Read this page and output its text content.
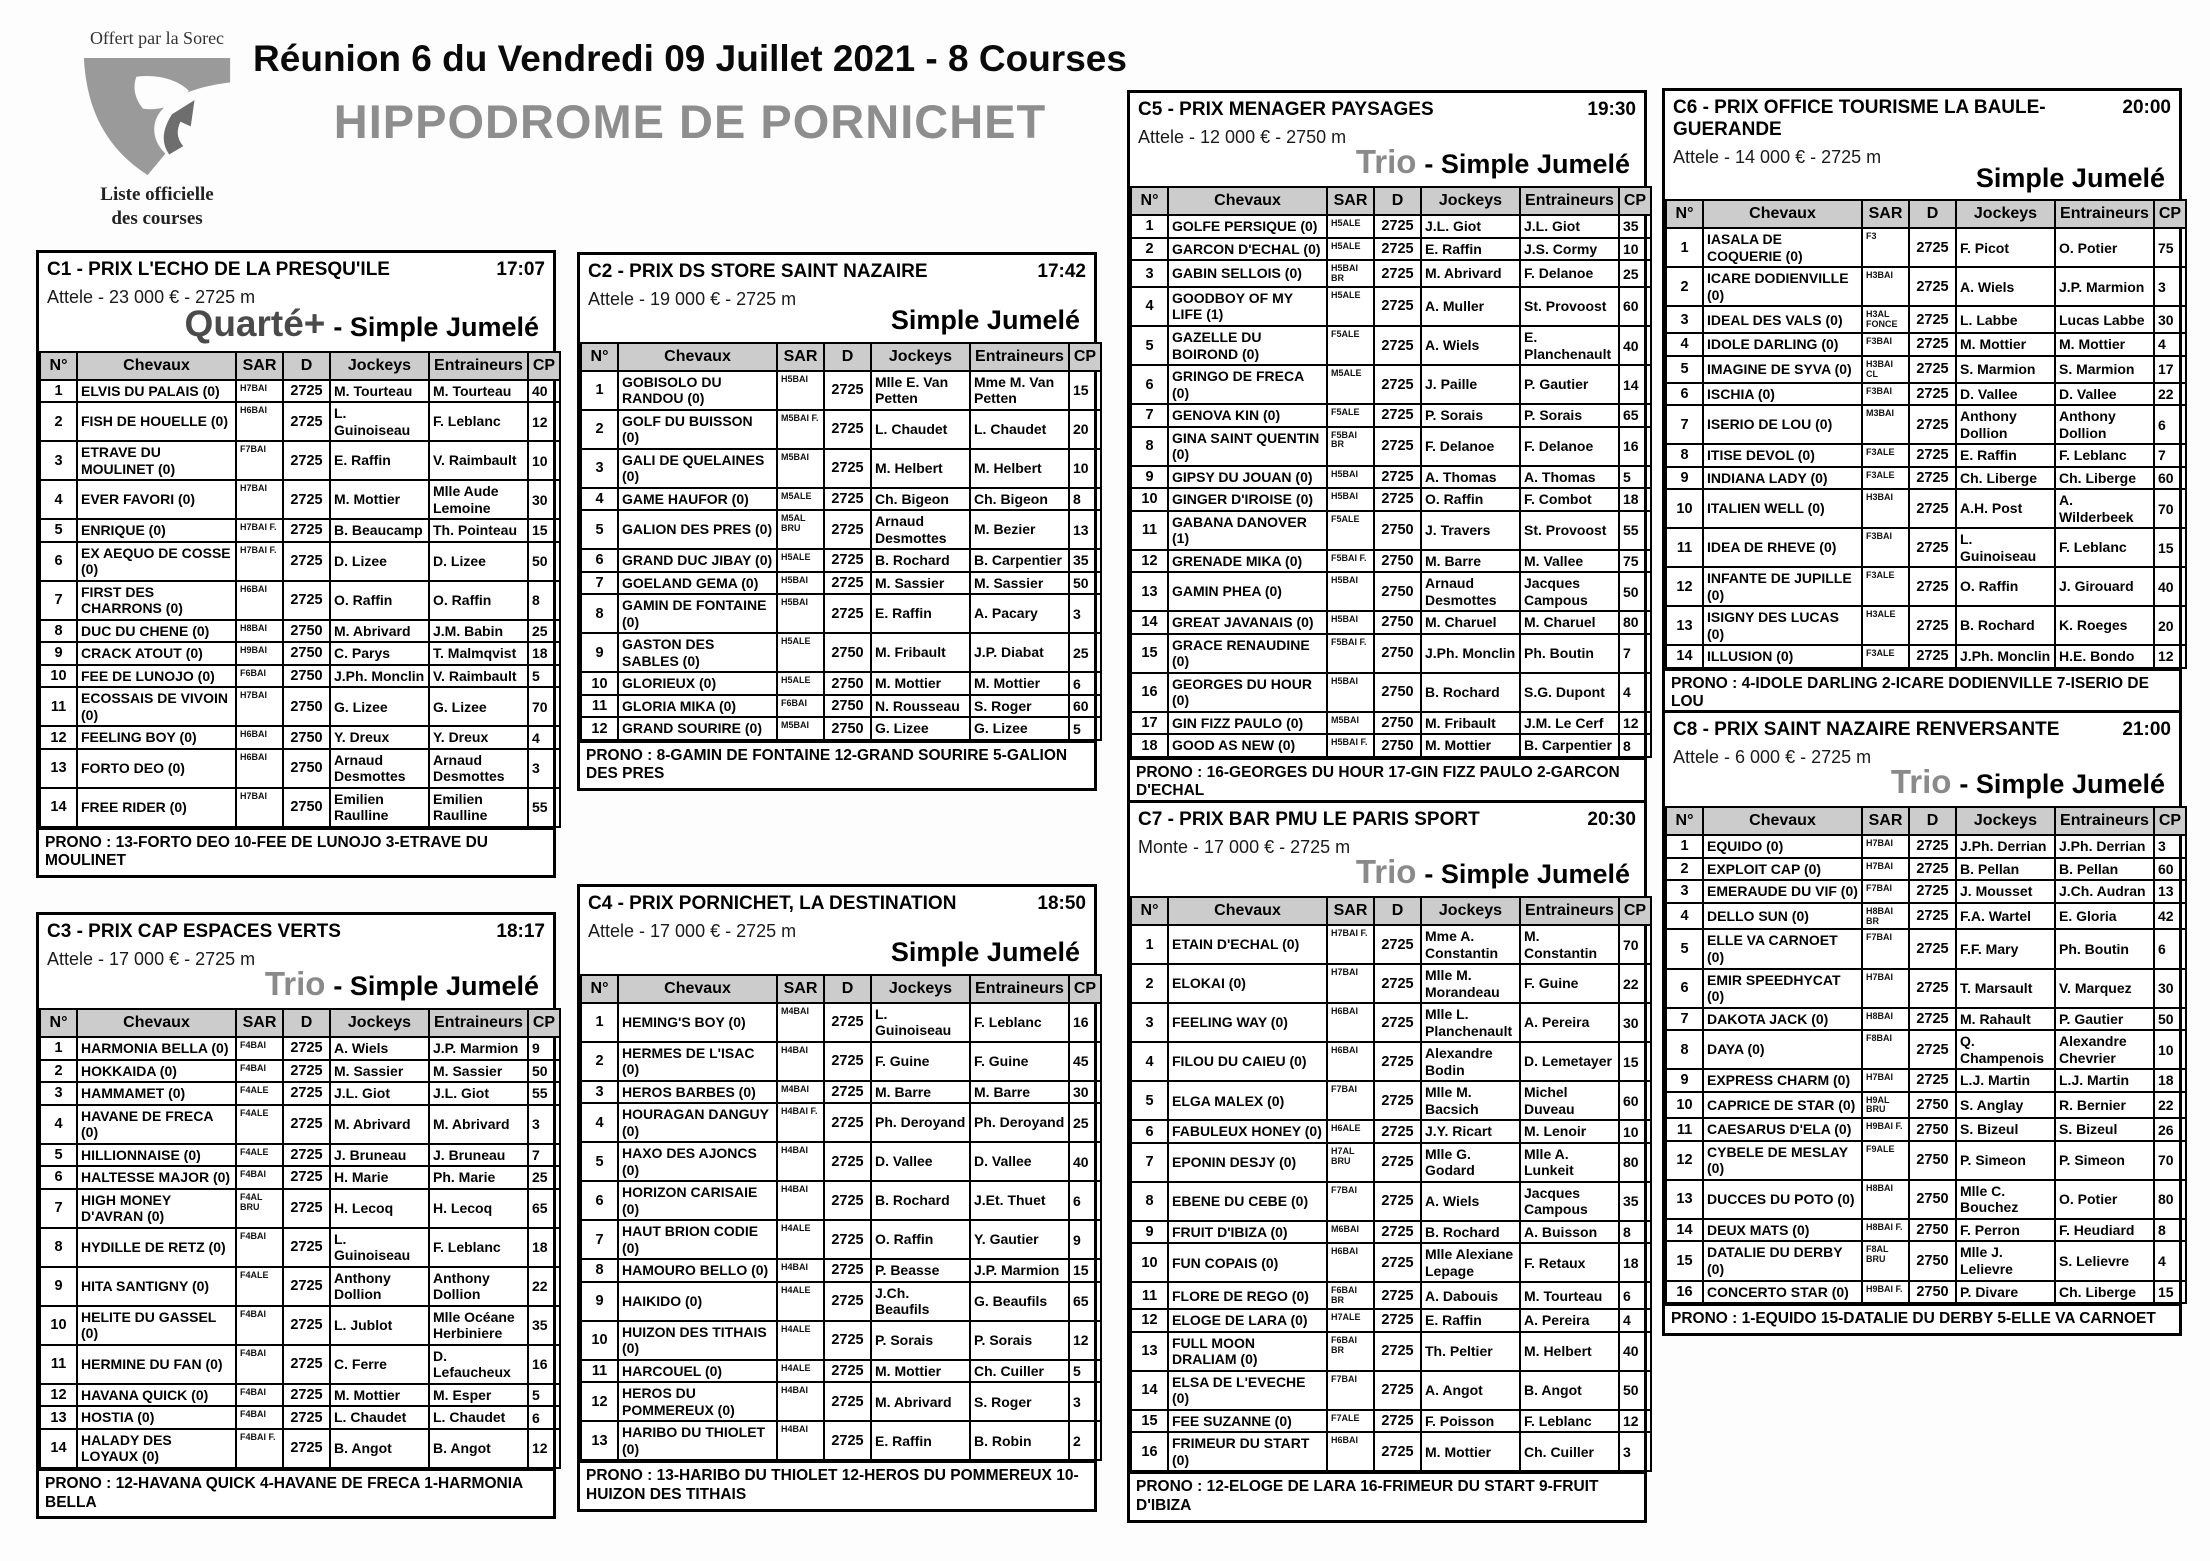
Offert par la Sorec
Liste officielle
des courses
Réunion 6 du Vendredi 09 Juillet 2021 - 8 Courses
HIPPODROME DE PORNICHET
C1 - PRIX L'ECHO DE LA PRESQU'ILE	17:07
Attele - 23 000 € - 2725 m
Quarté+ - Simple Jumelé
N°	Chevaux	SAR	D	Jockeys	Entraineurs	CP
1	ELVIS DU PALAIS (0)	H7BAI	2725	M. Tourteau	M. Tourteau	40
2	FISH DE HOUELLE (0)	H6BAI	2725	L. Guinoiseau	F. Leblanc	12
3	ETRAVE DU MOULINET (0)	F7BAI	2725	E. Raffin	V. Raimbault	10
4	EVER FAVORI (0)	H7BAI	2725	M. Mottier	Mlle Aude Lemoine	30
5	ENRIQUE (0)	H7BAI F.	2725	B. Beaucamp	Th. Pointeau	15
6	EX AEQUO DE COSSE (0)	H7BAI F.	2725	D. Lizee	D. Lizee	50
7	FIRST DES CHARRONS (0)	H6BAI	2725	O. Raffin	O. Raffin	8
8	DUC DU CHENE (0)	H8BAI	2750	M. Abrivard	J.M. Babin	25
9	CRACK ATOUT (0)	H9BAI	2750	C. Parys	T. Malmqvist	18
10	FEE DE LUNOJO (0)	F6BAI	2750	J.Ph. Monclin	V. Raimbault	5
11	ECOSSAIS DE VIVOIN (0)	H7BAI	2750	G. Lizee	G. Lizee	70
12	FEELING BOY (0)	H6BAI	2750	Y. Dreux	Y. Dreux	4
13	FORTO DEO (0)	H6BAI	2750	Arnaud Desmottes	Arnaud Desmottes	3
14	FREE RIDER (0)	H7BAI	2750	Emilien Raulline	Emilien Raulline	55
PRONO : 13-FORTO DEO 10-FEE DE LUNOJO 3-ETRAVE DU MOULINET
C2 - PRIX DS STORE SAINT NAZAIRE	17:42
Attele - 19 000 € - 2725 m
Simple Jumelé
N°	Chevaux	SAR	D	Jockeys	Entraineurs	CP
1	GOBISOLO DU RANDOU (0)	H5BAI	2725	Mlle E. Van Petten	Mme M. Van Petten	15
2	GOLF DU BUISSON (0)	M5BAI F.	2725	L. Chaudet	L. Chaudet	20
3	GALI DE QUELAINES (0)	M5BAI	2725	M. Helbert	M. Helbert	10
4	GAME HAUFOR (0)	M5ALE	2725	Ch. Bigeon	Ch. Bigeon	8
5	GALION DES PRES (0)	M5AL BRU	2725	Arnaud Desmottes	M. Bezier	13
6	GRAND DUC JIBAY (0)	H5ALE	2725	B. Rochard	B. Carpentier	35
7	GOELAND GEMA (0)	H5BAI	2725	M. Sassier	M. Sassier	50
8	GAMIN DE FONTAINE (0)	H5BAI	2725	E. Raffin	A. Pacary	3
9	GASTON DES SABLES (0)	H5ALE	2750	M. Fribault	J.P. Diabat	25
10	GLORIEUX (0)	H5ALE	2750	M. Mottier	M. Mottier	6
11	GLORIA MIKA (0)	F6BAI	2750	N. Rousseau	S. Roger	60
12	GRAND SOURIRE (0)	M5BAI	2750	G. Lizee	G. Lizee	5
PRONO : 8-GAMIN DE FONTAINE 12-GRAND SOURIRE 5-GALION DES PRES
C3 - PRIX CAP ESPACES VERTS	18:17
Attele - 17 000 € - 2725 m
Trio - Simple Jumelé
N°	Chevaux	SAR	D	Jockeys	Entraineurs	CP
1	HARMONIA BELLA (0)	F4BAI	2725	A. Wiels	J.P. Marmion	9
2	HOKKAIDA (0)	F4BAI	2725	M. Sassier	M. Sassier	50
3	HAMMAMET (0)	F4ALE	2725	J.L. Giot	J.L. Giot	55
4	HAVANE DE FRECA (0)	F4ALE	2725	M. Abrivard	M. Abrivard	3
5	HILLIONNAISE (0)	F4ALE	2725	J. Bruneau	J. Bruneau	7
6	HALTESSE MAJOR (0)	F4BAI	2725	H. Marie	Ph. Marie	25
7	HIGH MONEY D'AVRAN (0)	F4AL BRU	2725	H. Lecoq	H. Lecoq	65
8	HYDILLE DE RETZ (0)	F4BAI	2725	L. Guinoiseau	F. Leblanc	18
9	HITA SANTIGNY (0)	F4ALE	2725	Anthony Dollion	Anthony Dollion	22
10	HELITE DU GASSEL (0)	F4BAI	2725	L. Jublot	Mlle Océane Herbiniere	35
11	HERMINE DU FAN (0)	F4BAI	2725	C. Ferre	D. Lefaucheux	16
12	HAVANA QUICK (0)	F4BAI	2725	M. Mottier	M. Esper	5
13	HOSTIA (0)	F4BAI	2725	L. Chaudet	L. Chaudet	6
14	HALADY DES LOYAUX (0)	F4BAI F.	2725	B. Angot	B. Angot	12
PRONO : 12-HAVANA QUICK 4-HAVANE DE FRECA 1-HARMONIA BELLA
C4 - PRIX PORNICHET, LA DESTINATION	18:50
Attele - 17 000 € - 2725 m
Simple Jumelé
N°	Chevaux	SAR	D	Jockeys	Entraineurs	CP
1	HEMING'S BOY (0)	M4BAI	2725	L. Guinoiseau	F. Leblanc	16
2	HERMES DE L'ISAC (0)	H4BAI	2725	F. Guine	F. Guine	45
3	HEROS BARBES (0)	M4BAI	2725	M. Barre	M. Barre	30
4	HOURAGAN DANGUY (0)	H4BAI F.	2725	Ph. Deroyand	Ph. Deroyand	25
5	HAXO DES AJONCS (0)	H4BAI	2725	D. Vallee	D. Vallee	40
6	HORIZON CARISAIE (0)	H4BAI	2725	B. Rochard	J.Et. Thuet	6
7	HAUT BRION CODIE (0)	H4ALE	2725	O. Raffin	Y. Gautier	9
8	HAMOURO BELLO (0)	H4BAI	2725	P. Beasse	J.P. Marmion	15
9	HAIKIDO (0)	H4ALE	2725	J.Ch. Beaufils	G. Beaufils	65
10	HUIZON DES TITHAIS (0)	H4ALE	2725	P. Sorais	P. Sorais	12
11	HARCOUEL (0)	H4ALE	2725	M. Mottier	Ch. Cuiller	5
12	HEROS DU POMMEREUX (0)	H4BAI	2725	M. Abrivard	S. Roger	3
13	HARIBO DU THIOLET (0)	H4BAI	2725	E. Raffin	B. Robin	2
PRONO : 13-HARIBO DU THIOLET 12-HEROS DU POMMEREUX 10-HUIZON DES TITHAIS
C5 - PRIX MENAGER PAYSAGES	19:30
Attele - 12 000 € - 2750 m
Trio - Simple Jumelé
N°	Chevaux	SAR	D	Jockeys	Entraineurs	CP
1	GOLFE PERSIQUE (0)	H5ALE	2725	J.L. Giot	J.L. Giot	35
2	GARCON D'ECHAL (0)	H5ALE	2725	E. Raffin	J.S. Cormy	10
3	GABIN SELLOIS (0)	H5BAI BR	2725	M. Abrivard	F. Delanoe	25
4	GOODBOY OF MY LIFE (1)	H5ALE	2725	A. Muller	St. Provoost	60
5	GAZELLE DU BOIROND (0)	F5ALE	2725	A. Wiels	E. Planchenault	40
6	GRINGO DE FRECA (0)	M5ALE	2725	J. Paille	P. Gautier	14
7	GENOVA KIN (0)	F5ALE	2725	P. Sorais	P. Sorais	65
8	GINA SAINT QUENTIN (0)	F5BAI BR	2725	F. Delanoe	F. Delanoe	16
9	GIPSY DU JOUAN (0)	H5BAI	2725	A. Thomas	A. Thomas	5
10	GINGER D'IROISE (0)	H5BAI	2725	O. Raffin	F. Combot	18
11	GABANA DANOVER (1)	F5ALE	2750	J. Travers	St. Provoost	55
12	GRENADE MIKA (0)	F5BAI F.	2750	M. Barre	M. Vallee	75
13	GAMIN PHEA (0)	H5BAI	2750	Arnaud Desmottes	Jacques Campous	50
14	GREAT JAVANAIS (0)	H5BAI	2750	M. Charuel	M. Charuel	80
15	GRACE RENAUDINE (0)	F5BAI F.	2750	J.Ph. Monclin	Ph. Boutin	7
16	GEORGES DU HOUR (0)	H5BAI	2750	B. Rochard	S.G. Dupont	4
17	GIN FIZZ PAULO (0)	M5BAI	2750	M. Fribault	J.M. Le Cerf	12
18	GOOD AS NEW (0)	H5BAI F.	2750	M. Mottier	B. Carpentier	8
PRONO : 16-GEORGES DU HOUR 17-GIN FIZZ PAULO 2-GARCON D'ECHAL
C6 - PRIX OFFICE TOURISME LA BAULE-GUERANDE
20:00
Attele - 14 000 € - 2725 m
Simple Jumelé
N°	Chevaux	SAR	D	Jockeys	Entraineurs	CP
1	IASALA DE COQUERIE (0)	F3	2725	F. Picot	O. Potier	75
2	ICARE DODIENVILLE (0)	H3BAI	2725	A. Wiels	J.P. Marmion	3
3	IDEAL DES VALS (0)	H3AL FONCE	2725	L. Labbe	Lucas Labbe	30
4	IDOLE DARLING (0)	F3BAI	2725	M. Mottier	M. Mottier	4
5	IMAGINE DE SYVA (0)	H3BAI CL	2725	S. Marmion	S. Marmion	17
6	ISCHIA (0)	F3BAI	2725	D. Vallee	D. Vallee	22
7	ISERIO DE LOU (0)	M3BAI	2725	Anthony Dollion	Anthony Dollion	6
8	ITISE DEVOL (0)	F3ALE	2725	E. Raffin	F. Leblanc	7
9	INDIANA LADY (0)	F3ALE	2725	Ch. Liberge	Ch. Liberge	60
10	ITALIEN WELL (0)	H3BAI	2725	A.H. Post	A. Wilderbeek	70
11	IDEA DE RHEVE (0)	F3BAI	2725	L. Guinoiseau	F. Leblanc	15
12	INFANTE DE JUPILLE (0)	F3ALE	2725	O. Raffin	J. Girouard	40
13	ISIGNY DES LUCAS (0)	H3ALE	2725	B. Rochard	K. Roeges	20
14	ILLUSION (0)	F3ALE	2725	J.Ph. Monclin	H.E. Bondo	12
PRONO : 4-IDOLE DARLING 2-ICARE DODIENVILLE 7-ISERIO DE LOU
C7 - PRIX BAR PMU LE PARIS SPORT	20:30
Monte - 17 000 € - 2725 m
Trio - Simple Jumelé
N°	Chevaux	SAR	D	Jockeys	Entraineurs	CP
1	ETAIN D'ECHAL (0)	H7BAI F.	2725	Mme A. Constantin	M. Constantin	70
2	ELOKAI (0)	H7BAI	2725	Mlle M. Morandeau	F. Guine	22
3	FEELING WAY (0)	H6BAI	2725	Mlle L. Planchenault	A. Pereira	30
4	FILOU DU CAIEU (0)	H6BAI	2725	Alexandre Bodin	D. Lemetayer	15
5	ELGA MALEX (0)	F7BAI	2725	Mlle M. Bacsich	Michel Duveau	60
6	FABULEUX HONEY (0)	H6ALE	2725	J.Y. Ricart	M. Lenoir	10
7	EPONIN DESJY (0)	H7AL BRU	2725	Mlle G. Godard	Mlle A. Lunkeit	80
8	EBENE DU CEBE (0)	F7BAI	2725	A. Wiels	Jacques Campous	35
9	FRUIT D'IBIZA (0)	M6BAI	2725	B. Rochard	A. Buisson	8
10	FUN COPAIS (0)	H6BAI	2725	Mlle Alexiane Lepage	F. Retaux	18
11	FLORE DE REGO (0)	F6BAI BR	2725	A. Dabouis	M. Tourteau	6
12	ELOGE DE LARA (0)	H7ALE	2725	E. Raffin	A. Pereira	4
13	FULL MOON DRALIAM (0)	F6BAI BR	2725	Th. Peltier	M. Helbert	40
14	ELSA DE L'EVECHE (0)	F7BAI	2725	A. Angot	B. Angot	50
15	FEE SUZANNE (0)	F7ALE	2725	F. Poisson	F. Leblanc	12
16	FRIMEUR DU START (0)	H6BAI	2725	M. Mottier	Ch. Cuiller	3
PRONO : 12-ELOGE DE LARA 16-FRIMEUR DU START 9-FRUIT D'IBIZA
C8 - PRIX SAINT NAZAIRE RENVERSANTE	21:00
Attele - 6 000 € - 2725 m
Trio - Simple Jumelé
N°	Chevaux	SAR	D	Jockeys	Entraineurs	CP
1	EQUIDO (0)	H7BAI	2725	J.Ph. Derrian	J.Ph. Derrian	3
2	EXPLOIT CAP (0)	H7BAI	2725	B. Pellan	B. Pellan	60
3	EMERAUDE DU VIF (0)	F7BAI	2725	J. Mousset	J.Ch. Audran	13
4	DELLO SUN (0)	H8BAI BR	2725	F.A. Wartel	E. Gloria	42
5	ELLE VA CARNOET (0)	F7BAI	2725	F.F. Mary	Ph. Boutin	6
6	EMIR SPEEDHYCAT (0)	H7BAI	2725	T. Marsault	V. Marquez	30
7	DAKOTA JACK (0)	H8BAI	2725	M. Rahault	P. Gautier	50
8	DAYA (0)	F8BAI	2725	Q. Champenois	Alexandre Chevrier	10
9	EXPRESS CHARM (0)	H7BAI	2725	L.J. Martin	L.J. Martin	18
10	CAPRICE DE STAR (0)	H9AL BRU	2750	S. Anglay	R. Bernier	22
11	CAESARUS D'ELA (0)	H9BAI F.	2750	S. Bizeul	S. Bizeul	26
12	CYBELE DE MESLAY (0)	F9ALE	2750	P. Simeon	P. Simeon	70
13	DUCCES DU POTO (0)	H8BAI	2750	Mlle C. Bouchez	O. Potier	80
14	DEUX MATS (0)	H8BAI F.	2750	F. Perron	F. Heudiard	8
15	DATALIE DU DERBY (0)	F8AL BRU	2750	Mlle J. Lelievre	S. Lelievre	4
16	CONCERTO STAR (0)	H9BAI F.	2750	P. Divare	Ch. Liberge	15
PRONO : 1-EQUIDO 15-DATALIE DU DERBY 5-ELLE VA CARNOET
